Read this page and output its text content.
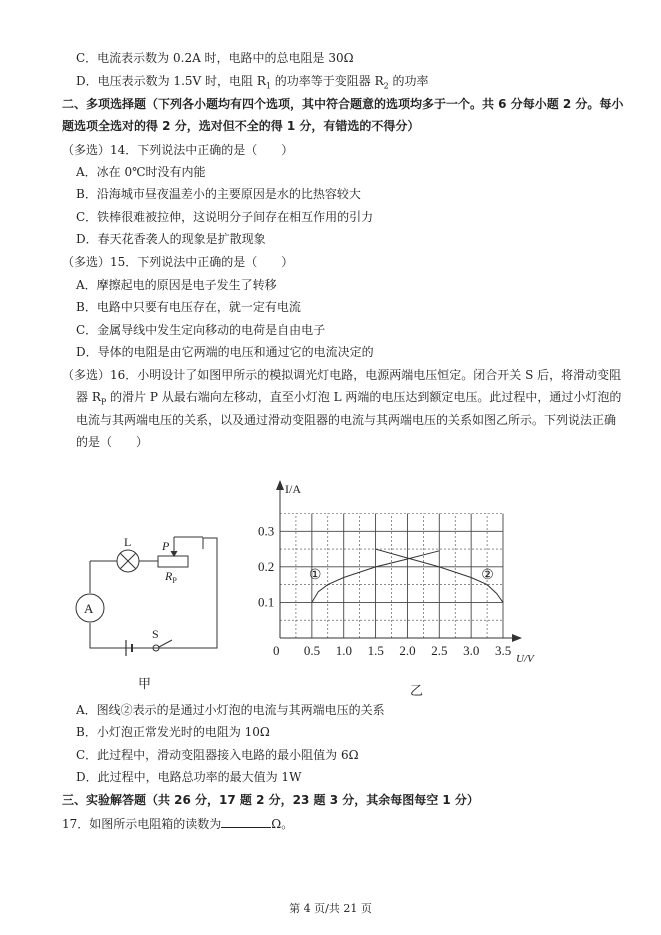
C．电流表示数为 0.2A 时，电路中的总电阻是 30Ω
D．电压表示数为 1.5V 时，电阻 $R_1$ 的功率等于变阻器 $R_2$ 的功率
二、多项选择题（下列各小题均有四个选项，其中符合题意的选项均多于一个。共 6 分每小题 2 分。每小
题选项全选对的得 2 分，选对但不全的得 1 分，有错选的不得分）
（多选）14．下列说法中正确的是（　　）
A．冰在 0℃时没有内能
B．沿海城市昼夜温差小的主要原因是水的比热容较大
C．铁棒很难被拉伸，这说明分子间存在相互作用的引力
D．春天花香袭人的现象是扩散现象
（多选）15．下列说法中正确的是（　　）
A．摩擦起电的原因是电子发生了转移
B．电路中只要有电压存在，就一定有电流
C．金属导线中发生定向移动的电荷是自由电子
D．导体的电阻是由它两端的电压和通过它的电流决定的
（多选）16．小明设计了如图甲所示的模拟调光灯电路，电源两端电压恒定。闭合开关 S 后，将滑动变阻
器 $R_P$ 的滑片 P 从最右端向左移动，直至小灯泡 L 两端的电压达到额定电压。此过程中，通过小灯泡的
电流与其两端电压的关系，以及通过滑动变阻器的电流与其两端电压的关系如图乙所示。下列说法正确
的是（　　）
L	P
$R_P$
A
S
甲
I/A
U/V
0 0.5 1.0 1.5 2.0 2.5 3.0 3.5
0.1
0.2
0.3
①	②
乙
A．图线②表示的是通过小灯泡的电流与其两端电压的关系
B．小灯泡正常发光时的电阻为 10Ω
C．此过程中，滑动变阻器接入电路的最小阻值为 6Ω
D．此过程中，电路总功率的最大值为 1W
三、实验解答题（共 26 分，17 题 2 分，23 题 3 分，其余每图每空 1 分）
17．如图所示电阻箱的读数为	Ω。
第 4 页/共 21 页
